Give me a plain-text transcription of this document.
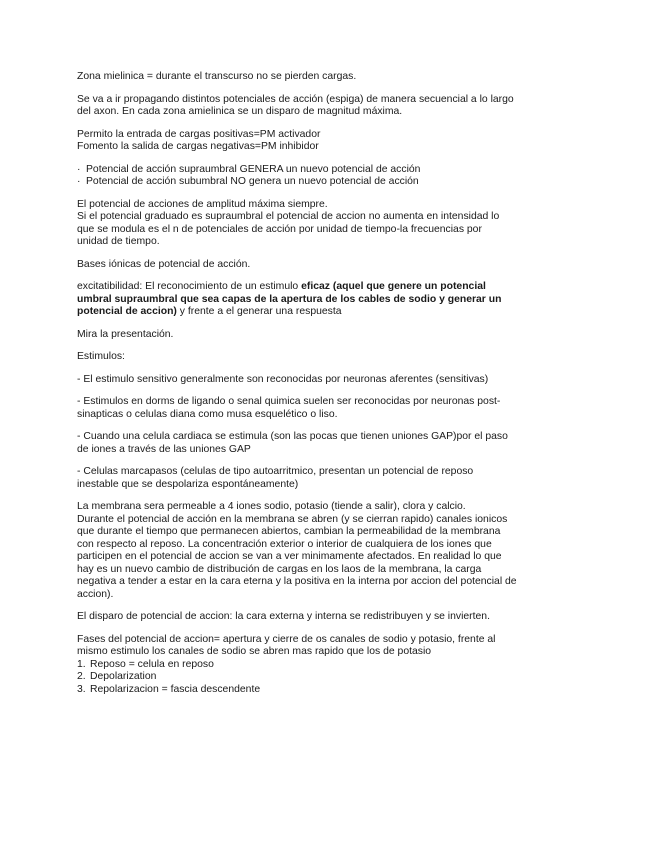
Zona mielinica = durante el transcurso no se pierden cargas.

Se va a ir propagando distintos potenciales de acción (espiga) de manera secuencial a lo largo
del axon. En cada zona amielinica se un disparo de magnitud máxima.

Permito la entrada de cargas positivas=PM activador
Fomento la salida de cargas negativas=PM inhibidor

· Potencial de acción supraumbral GENERA un nuevo potencial de acción
· Potencial de acción subumbral NO genera un nuevo potencial de acción

El potencial de acciones de amplitud máxima siempre.
Si el potencial graduado es supraumbral el potencial de accion no aumenta en intensidad lo
que se modula es el n de potenciales de acción por unidad de tiempo-la frecuencias por
unidad de tiempo.

Bases iónicas de potencial de acción.

excitatibilidad: El reconocimiento de un estimulo eficaz (aquel que genere un potencial
umbral supraumbral que sea capas de la apertura de los cables de sodio y generar un
potencial de accion) y frente a el generar una respuesta

Mira la presentación.

Estimulos:

- El estimulo sensitivo generalmente son reconocidas por neuronas aferentes (sensitivas)

- Estimulos en dorms de ligando o senal quimica suelen ser reconocidas por neuronas post-
sinapticas o celulas diana como musa esquelético o liso.

- Cuando una celula cardiaca se estimula (son las pocas que tienen uniones GAP)por el paso
de iones a través de las uniones GAP

- Celulas marcapasos (celulas de tipo autoarritmico, presentan un potencial de reposo
inestable que se despolariza espontáneamente)

La membrana sera permeable a 4 iones sodio, potasio (tiende a salir), clora y calcio.
Durante el potencial de acción en la membrana se abren (y se cierran rapido) canales ionicos
que durante el tiempo que permanecen abiertos, cambian la permeabilidad de la membrana
con respecto al reposo. La concentración exterior o interior de cualquiera de los iones que
participen en el potencial de accion se van a ver minimamente afectados. En realidad lo que
hay es un nuevo cambio de distribución de cargas en los laos de la membrana, la carga
negativa a tender a estar en la cara eterna y la positiva en la interna por accion del potencial de
accion).

El disparo de potencial de accion: la cara externa y interna se redistribuyen y se invierten.

Fases del potencial de accion= apertura y cierre de os canales de sodio y potasio, frente al
mismo estimulo los canales de sodio se abren mas rapido que los de potasio
1. Reposo = celula en reposo
2. Depolarization
3. Repolarizacion = fascia descendente
